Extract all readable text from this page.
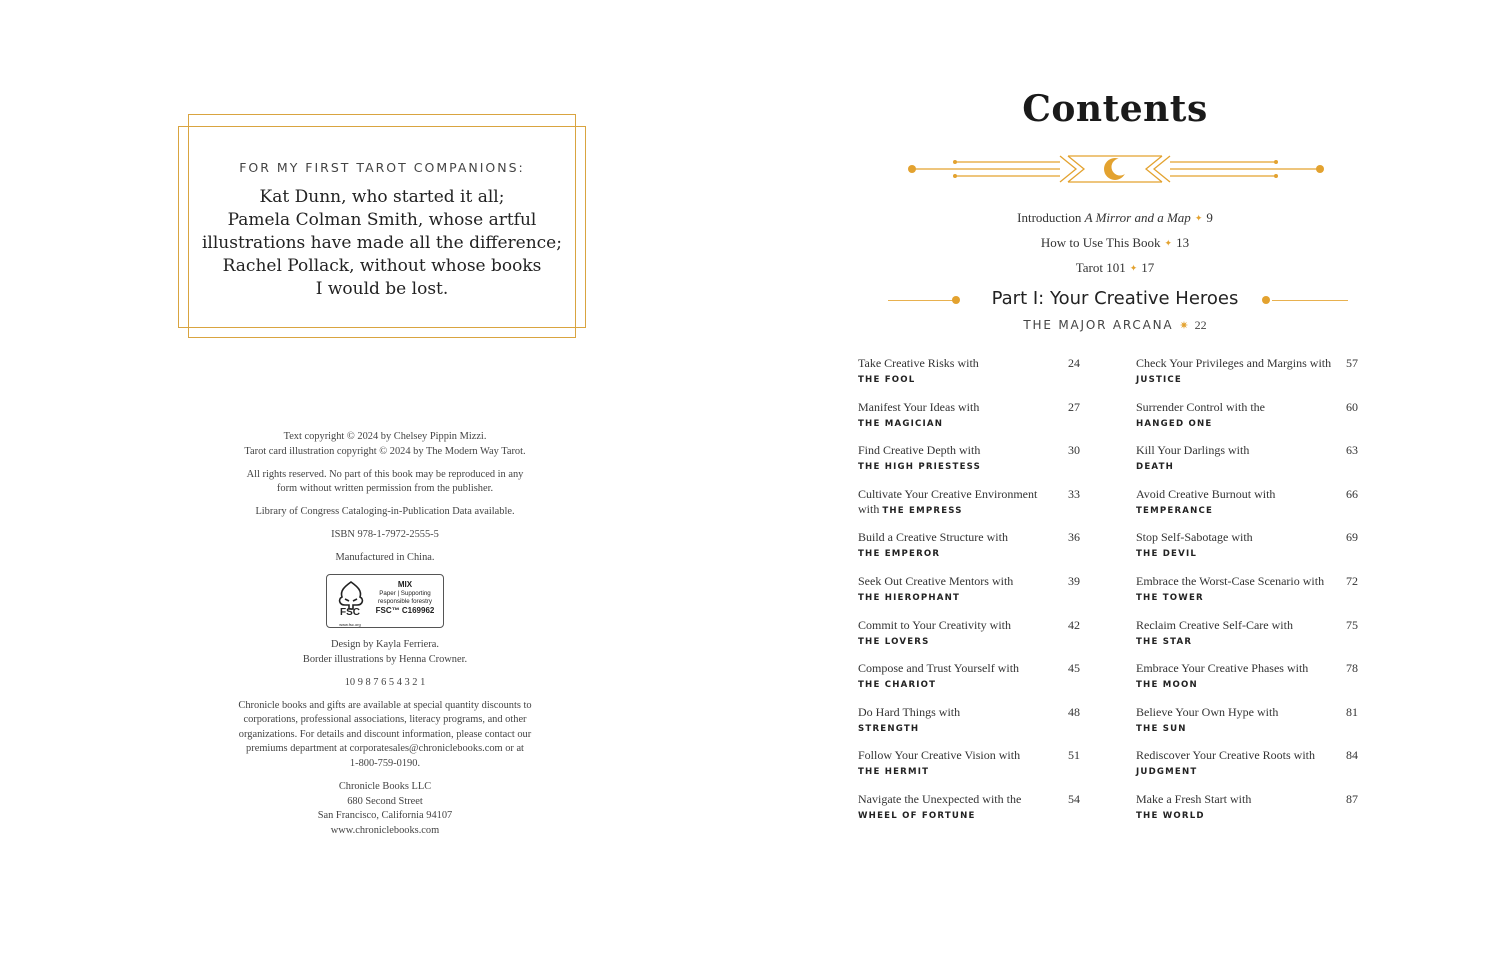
FOR MY FIRST TAROT COMPANIONS:
Kat Dunn, who started it all;
Pamela Colman Smith, whose artful
illustrations have made all the difference;
Rachel Pollack, without whose books
I would be lost.

Text copyright © 2024 by Chelsey Pippin Mizzi.
Tarot card illustration copyright © 2024 by The Modern Way Tarot.

All rights reserved. No part of this book may be reproduced in any
form without written permission from the publisher.

Library of Congress Cataloging-in-Publication Data available.

ISBN 978-1-7972-2555-5

Manufactured in China.

FSC
www.fsc.org
MIX
Paper | Supporting
responsible forestry
FSC™ C169962

Design by Kayla Ferriera.
Border illustrations by Henna Crowner.

10 9 8 7 6 5 4 3 2 1

Chronicle books and gifts are available at special quantity discounts to
corporations, professional associations, literacy programs, and other
organizations. For details and discount information, please contact our
premiums department at corporatesales@chroniclebooks.com or at
1-800-759-0190.

Chronicle Books LLC
680 Second Street
San Francisco, California 94107
www.chroniclebooks.com

Contents
Introduction A Mirror and a Map ✦ 9
How to Use This Book ✦ 13
Tarot 101 ✦ 17
Part I: Your Creative Heroes
THE MAJOR ARCANA ✷ 22
Take Creative Risks with
THE FOOL
24
Manifest Your Ideas with
THE MAGICIAN
27
Find Creative Depth with
THE HIGH PRIESTESS
30
Cultivate Your Creative Environment with THE EMPRESS
33
Build a Creative Structure with
THE EMPEROR
36
Seek Out Creative Mentors with
THE HIEROPHANT
39
Commit to Your Creativity with
THE LOVERS
42
Compose and Trust Yourself with
THE CHARIOT
45
Do Hard Things with
STRENGTH
48
Follow Your Creative Vision with
THE HERMIT
51
Navigate the Unexpected with the
WHEEL OF FORTUNE
54
Check Your Privileges and Margins with JUSTICE
57
Surrender Control with the
HANGED ONE
60
Kill Your Darlings with
DEATH
63
Avoid Creative Burnout with
TEMPERANCE
66
Stop Self-Sabotage with
THE DEVIL
69
Embrace the Worst-Case Scenario with THE TOWER
72
Reclaim Creative Self-Care with
THE STAR
75
Embrace Your Creative Phases with
THE MOON
78
Believe Your Own Hype with
THE SUN
81
Rediscover Your Creative Roots with JUDGMENT
84
Make a Fresh Start with
THE WORLD
87
